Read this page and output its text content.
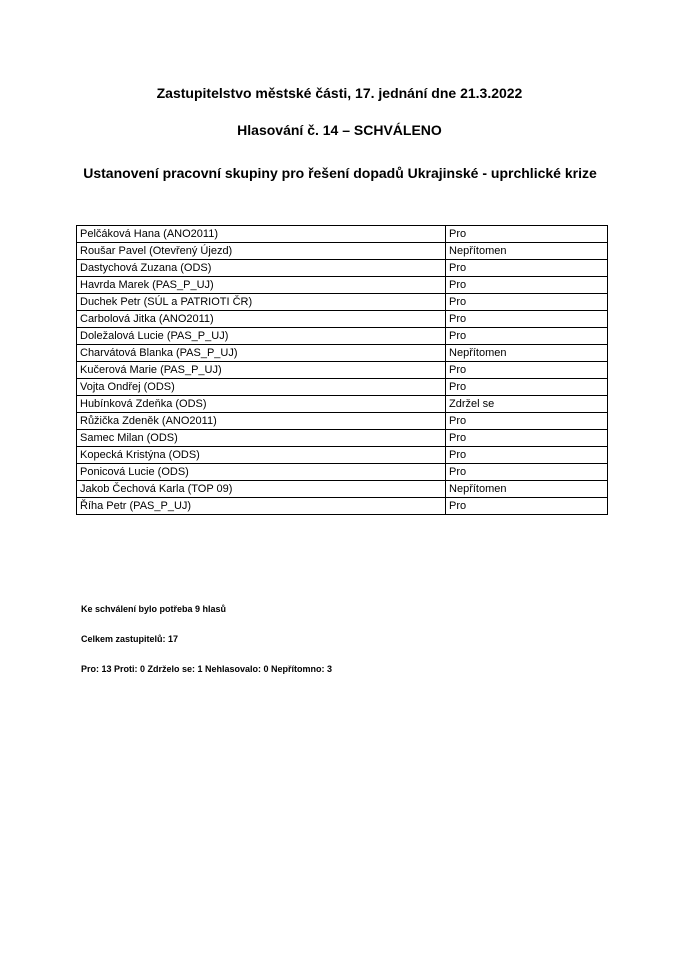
Zastupitelstvo městské části, 17. jednání dne 21.3.2022
Hlasování č. 14 – SCHVÁLENO
Ustanovení pracovní skupiny pro řešení dopadů Ukrajinské - uprchlické krize
Pelčáková Hana (ANO2011)	Pro
Roušar Pavel (Otevřený Újezd)	Nepřítomen
Dastychová Zuzana (ODS)	Pro
Havrda Marek (PAS_P_UJ)	Pro
Duchek Petr (SÚL a PATRIOTI ČR)	Pro
Carbolová Jitka (ANO2011)	Pro
Doležalová Lucie (PAS_P_UJ)	Pro
Charvátová Blanka (PAS_P_UJ)	Nepřítomen
Kučerová Marie (PAS_P_UJ)	Pro
Vojta Ondřej (ODS)	Pro
Hubínková Zdeňka (ODS)	Zdržel se
Růžička Zdeněk (ANO2011)	Pro
Samec Milan (ODS)	Pro
Kopecká Kristýna (ODS)	Pro
Ponicová Lucie (ODS)	Pro
Jakob Čechová Karla (TOP 09)	Nepřítomen
Říha Petr (PAS_P_UJ)	Pro
Ke schválení bylo potřeba 9 hlasů
Celkem zastupitelů: 17
Pro: 13 Proti: 0 Zdrželo se: 1 Nehlasovalo: 0 Nepřítomno: 3
